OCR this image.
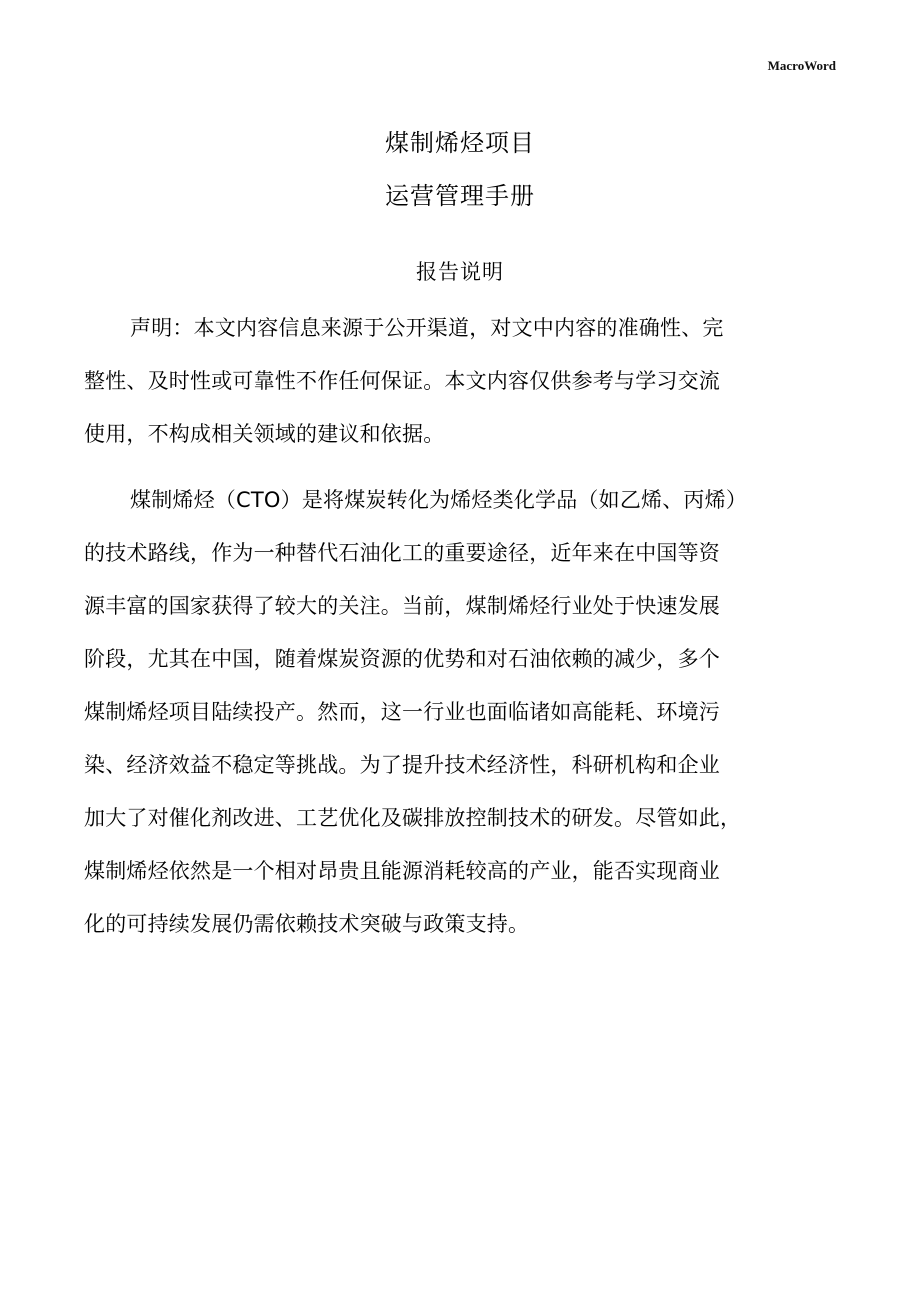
MacroWord
煤制烯烃项目
运营管理手册
报告说明
声明：本文内容信息来源于公开渠道，对文中内容的准确性、完
整性、及时性或可靠性不作任何保证。本文内容仅供参考与学习交流
使用，不构成相关领域的建议和依据。
煤制烯烃（CTO）是将煤炭转化为烯烃类化学品（如乙烯、丙烯）
的技术路线，作为一种替代石油化工的重要途径，近年来在中国等资
源丰富的国家获得了较大的关注。当前，煤制烯烃行业处于快速发展
阶段，尤其在中国，随着煤炭资源的优势和对石油依赖的减少，多个
煤制烯烃项目陆续投产。然而，这一行业也面临诸如高能耗、环境污
染、经济效益不稳定等挑战。为了提升技术经济性，科研机构和企业
加大了对催化剂改进、工艺优化及碳排放控制技术的研发。尽管如此，
煤制烯烃依然是一个相对昂贵且能源消耗较高的产业，能否实现商业
化的可持续发展仍需依赖技术突破与政策支持。
